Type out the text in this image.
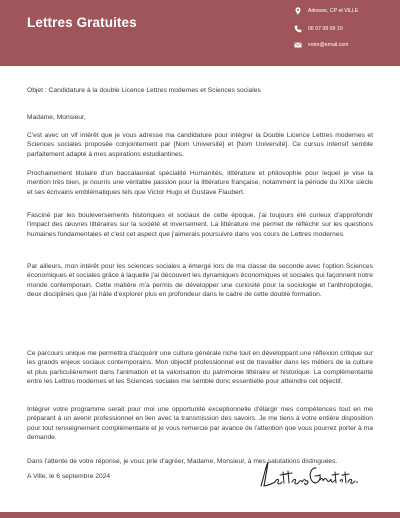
Lettres Gratuites
Adresse, CP et VILLE
06 07 08 09 10
votre@email.com
Objet : Candidature à la double Licence Lettres modernes et Sciences sociales
Madame, Monsieur,
C'est avec un vif intérêt que je vous adresse ma candidature pour intégrer la Double Licence Lettres modernes et Sciences sociales proposée conjointement par [Nom Université] et [Nom Université]. Ce cursus intensif semble parfaitement adapté à mes aspirations estudiantines.
Prochainement titulaire d'un baccalauréat spécialité Humanités, littérature et philosophie pour lequel je vise la mention très bien, je nourris une véritable passion pour la littérature française, notamment la période du XIXe siècle et ses écrivains emblématiques tels que Victor Hugo et Gustave Flaubert.
Fasciné par les bouleversements historiques et sociaux de cette époque, j'ai toujours été curieux d'approfondir l'impact des œuvres littéraires sur la société et inversement. La littérature me permet de réfléchir sur les questions humaines fondamentales et c'est cet aspect que j'aimerais poursuivre dans vos cours de Lettres modernes.
Par ailleurs, mon intérêt pour les sciences sociales a émergé lors de ma classe de seconde avec l'option Sciences économiques et sociales grâce à laquelle j'ai découvert les dynamiques économiques et sociales qui façonnent notre monde contemporain. Cette matière m'a permis de développer une curiosité pour la sociologie et l'anthropologie, deux disciplines que j'ai hâte d'explorer plus en profondeur dans le cadre de cette double formation.
Ce parcours unique me permettra d'acquérir une culture générale riche tout en développant une réflexion critique sur les grands enjeux sociaux contemporains. Mon objectif professionnel est de travailler dans les métiers de la culture et plus particulièrement dans l'animation et la valorisation du patrimoine littéraire et historique. La complémentarité entre les Lettres modernes et les Sciences sociales me semble donc essentielle pour atteindre cet objectif.
Intégrer votre programme serait pour moi une opportunité exceptionnelle d'élargir mes compétences tout en me préparant à un avenir professionnel en lien avec la transmission des savoirs. Je me tiens à votre entière disposition pour tout renseignement complémentaire et je vous remercie par avance de l'attention que vous pourrez porter à ma demande.
Dans l'attente de votre réponse, je vous prie d'agréer, Madame, Monsieur, à mes salutations distinguées.
A Ville, le 6 septembre 2024
